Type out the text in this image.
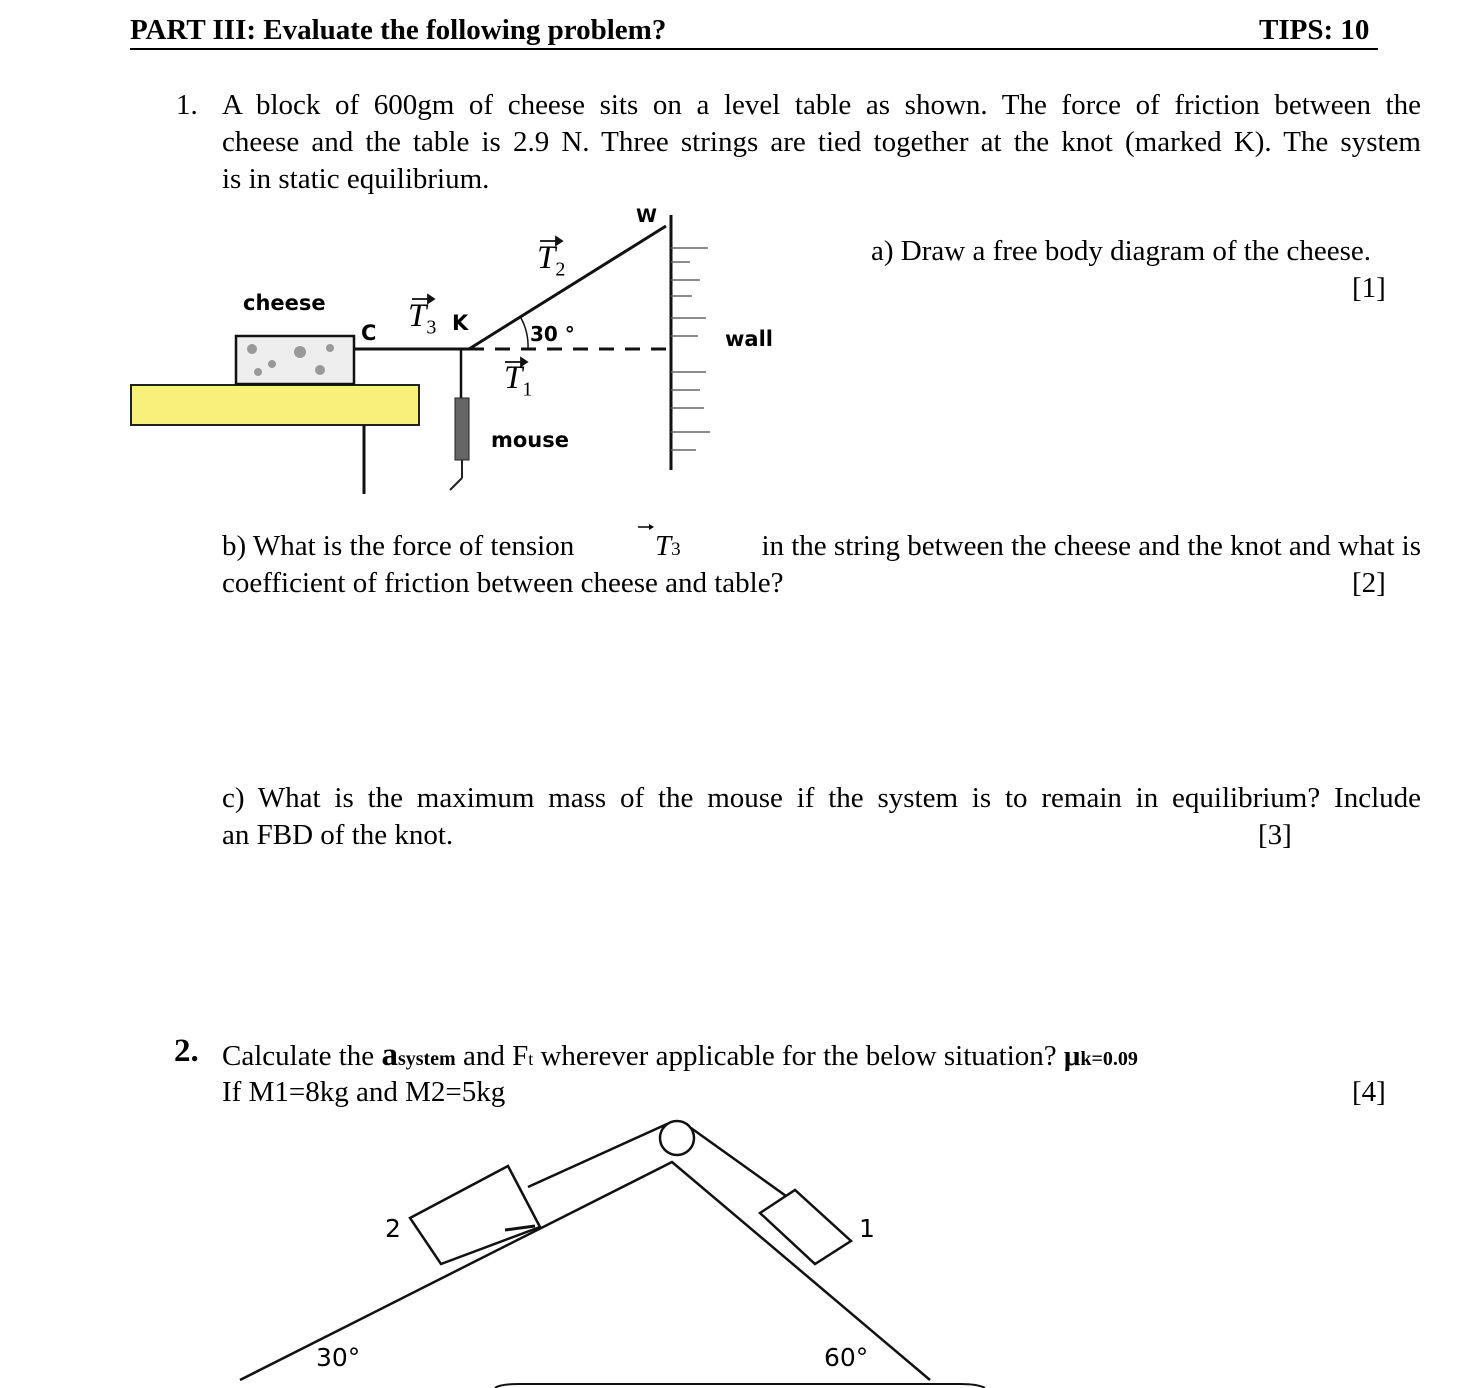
PART III: Evaluate the following problem?	TIPS: 10
1. A block of 600gm of cheese sits on a level table as shown. The force of friction between the
cheese and the table is 2.9 N. Three strings are tied together at the knot (marked K). The system
is in static equilibrium.
cheese
C $T_3$ K
$T_2$
30 °
$T_1$
W
wall
mouse
a) Draw a free body diagram of the cheese.
[1]
b) What is the force of tension	T3	in the string between the cheese and the knot and what is
coefficient of friction between cheese and table?	[2]
c) What is the maximum mass of the mouse if the system is to remain in equilibrium? Include
an FBD of the knot.	[3]
2. Calculate the asystem and Ft wherever applicable for the below situation? μk=0.09
If M1=8kg and M2=5kg	[4]
2	1
30°	60°
